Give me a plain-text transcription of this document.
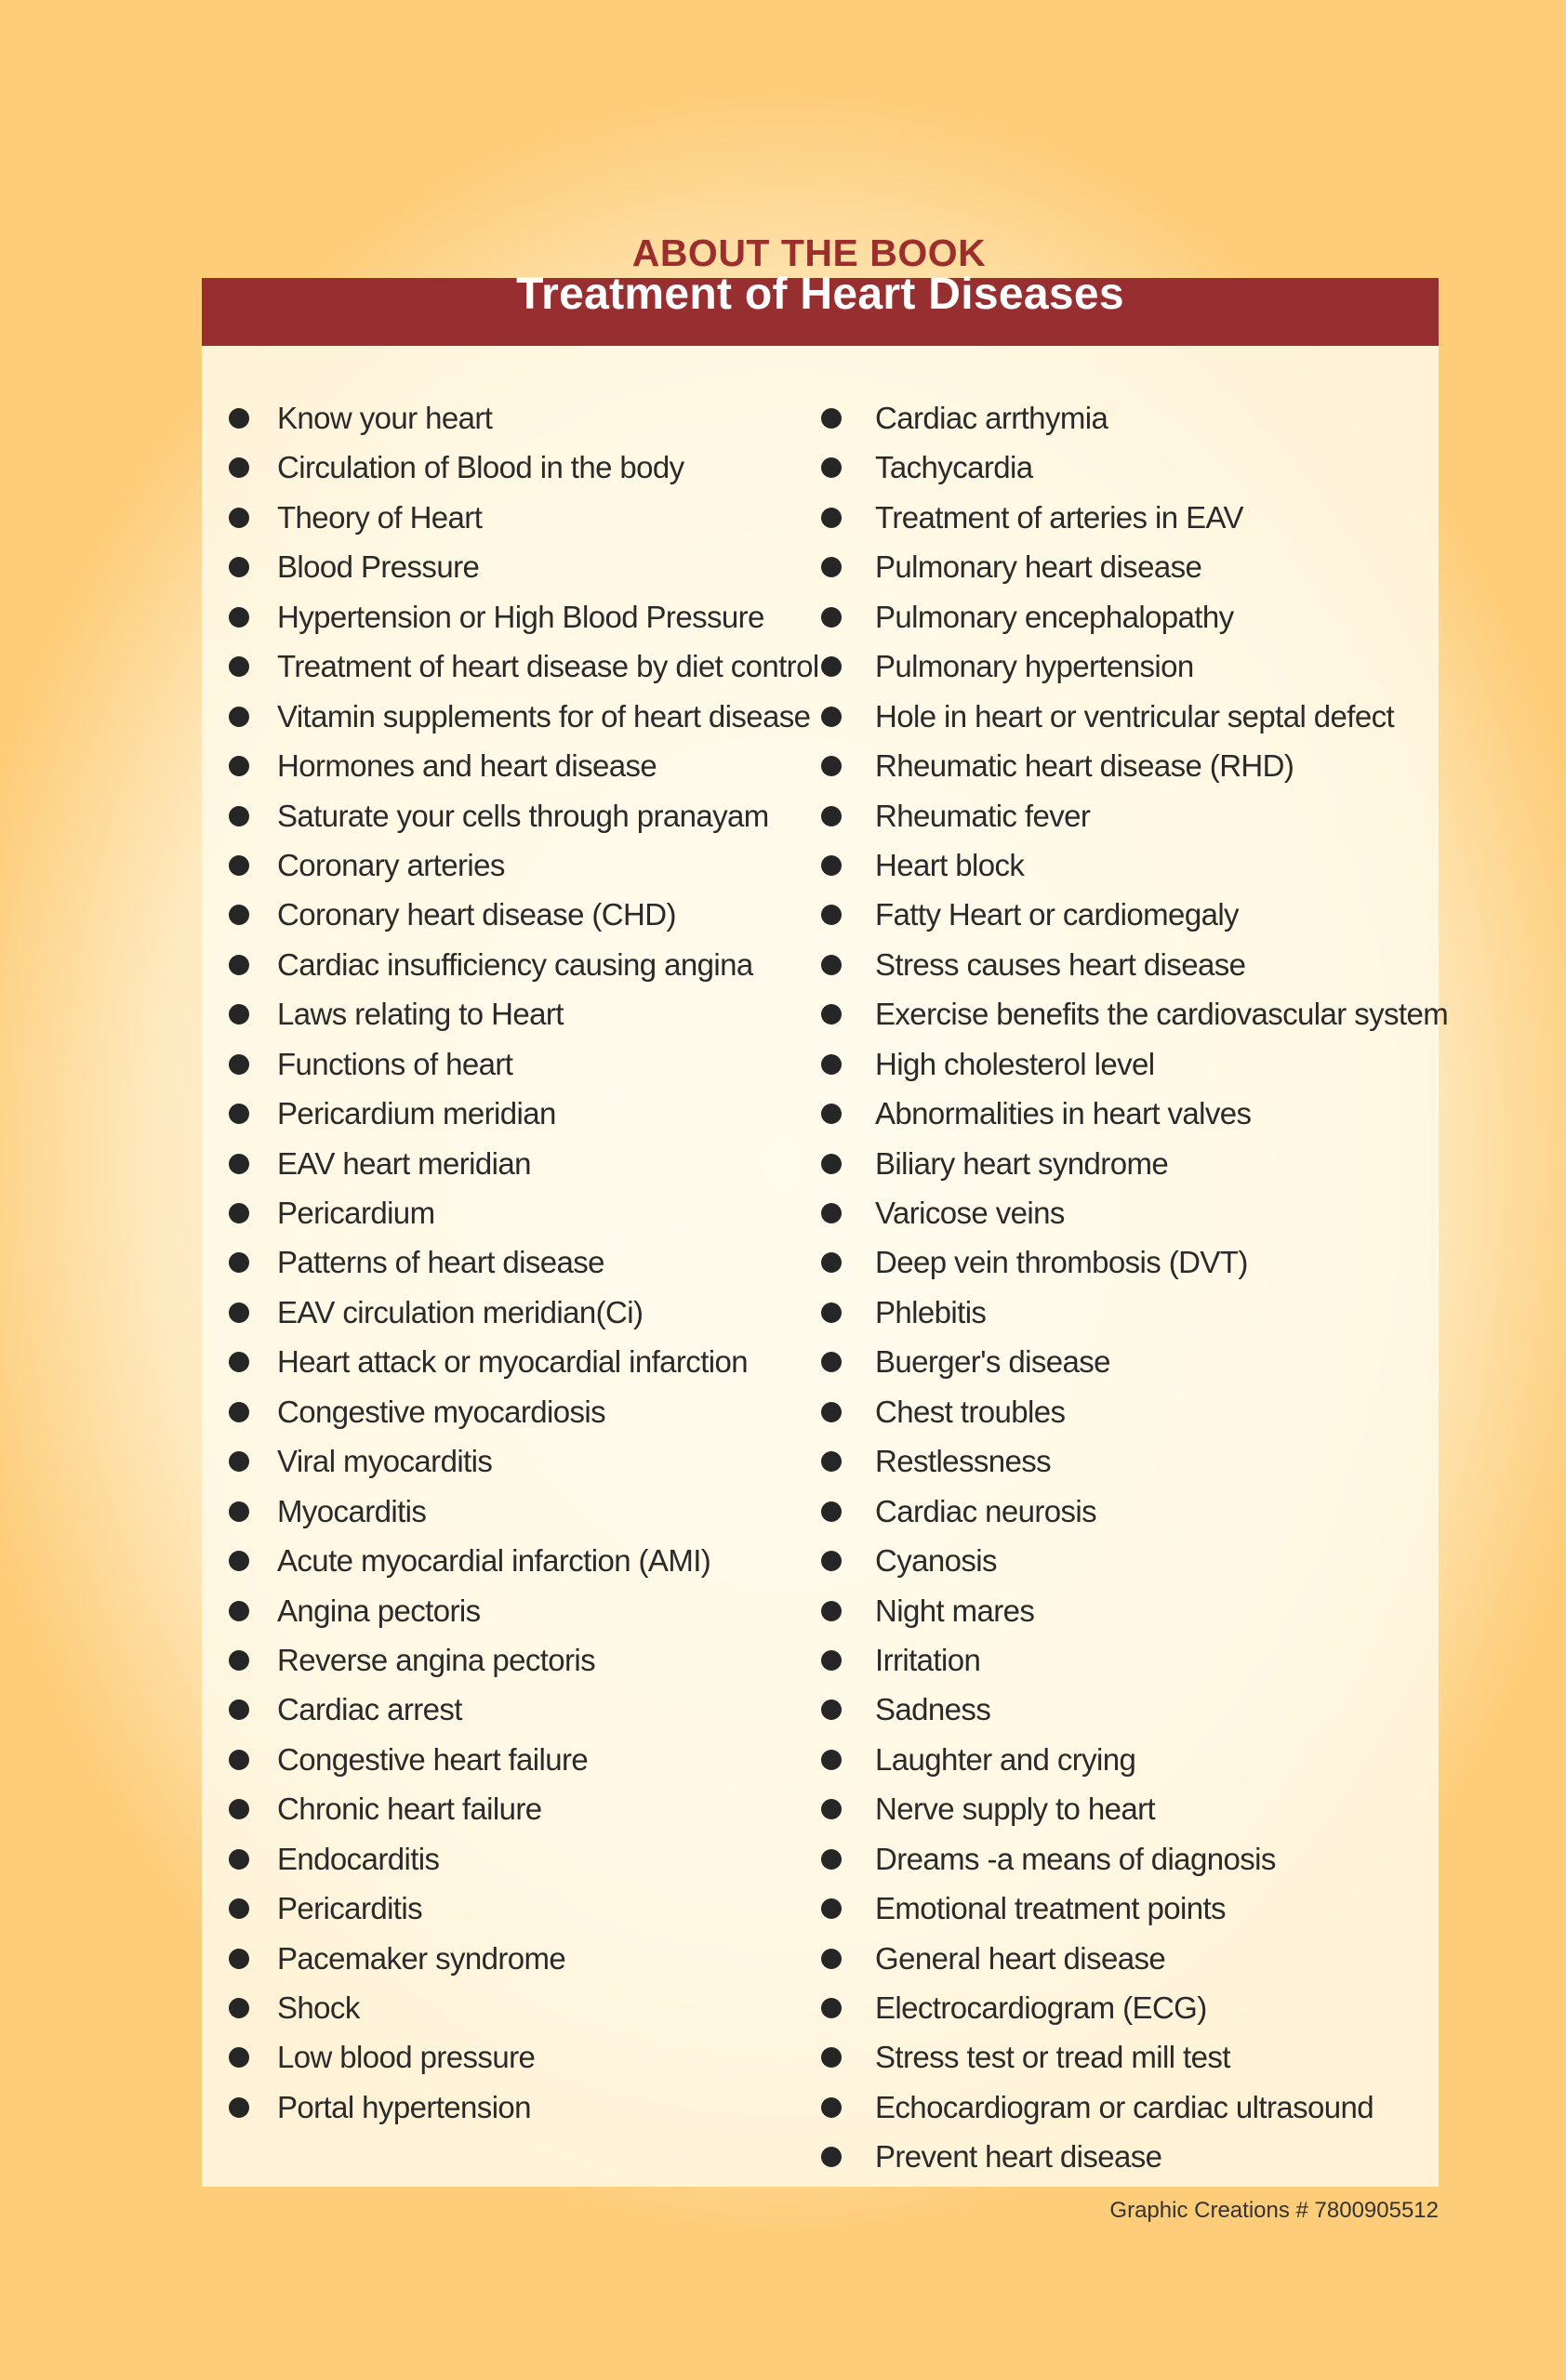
Treatment of Heart Diseases
ABOUT THE BOOK
Know your heart
Circulation of Blood in the body
Theory of Heart
Blood Pressure
Hypertension or High Blood Pressure
Treatment of heart disease by diet control
Vitamin supplements for of heart disease
Hormones and heart disease
Saturate your cells through pranayam
Coronary arteries
Coronary heart disease (CHD)
Cardiac insufficiency causing angina
Laws relating to Heart
Functions of heart
Pericardium meridian
EAV heart meridian
Pericardium
Patterns of heart disease
EAV circulation meridian(Ci)
Heart attack or myocardial infarction
Congestive myocardiosis
Viral myocarditis
Myocarditis
Acute myocardial infarction (AMI)
Angina pectoris
Reverse angina pectoris
Cardiac arrest
Congestive heart failure
Chronic heart failure
Endocarditis
Pericarditis
Pacemaker syndrome
Shock
Low blood pressure
Portal hypertension
Cardiac arrthymia
Tachycardia
Treatment of arteries in EAV
Pulmonary heart disease
Pulmonary encephalopathy
Pulmonary hypertension
Hole in heart or ventricular septal defect
Rheumatic heart disease (RHD)
Rheumatic fever
Heart block
Fatty Heart or cardiomegaly
Stress causes heart disease
Exercise benefits the cardiovascular system
High cholesterol level
Abnormalities in heart valves
Biliary heart syndrome
Varicose veins
Deep vein thrombosis (DVT)
Phlebitis
Buerger's disease
Chest troubles
Restlessness
Cardiac neurosis
Cyanosis
Night mares
Irritation
Sadness
Laughter and crying
Nerve supply to heart
Dreams -a means of diagnosis
Emotional treatment points
General heart disease
Electrocardiogram (ECG)
Stress test or tread mill test
Echocardiogram or cardiac ultrasound
Prevent heart disease
Graphic Creations # 7800905512
